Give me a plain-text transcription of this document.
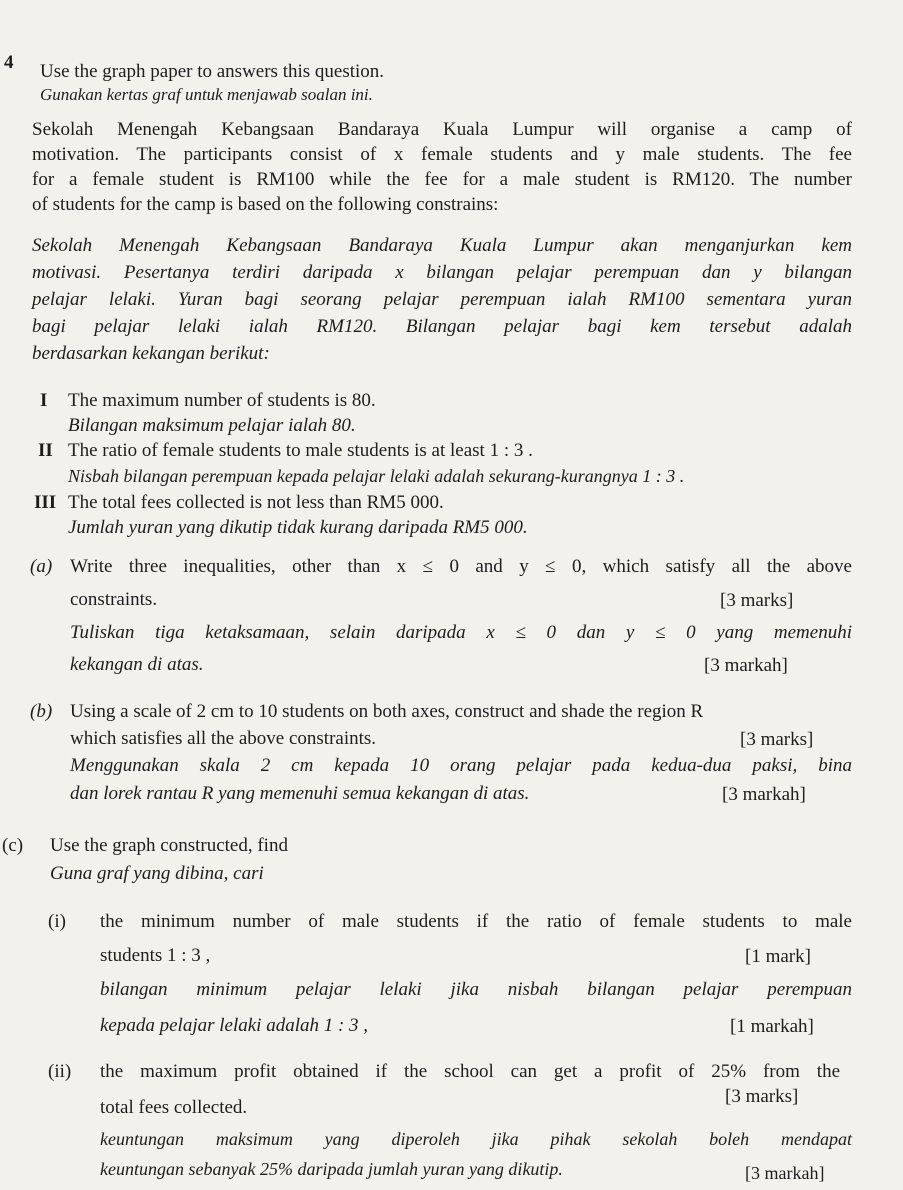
4 Use the graph paper to answers this question.
Gunakan kertas graf untuk menjawab soalan ini.
Sekolah Menengah Kebangsaan Bandaraya Kuala Lumpur will organise a camp of
motivation. The participants consist of x female students and y male students. The fee
for a female student is RM100 while the fee for a male student is RM120. The number
of students for the camp is based on the following constrains:
Sekolah Menengah Kebangsaan Bandaraya Kuala Lumpur akan menganjurkan kem
motivasi. Pesertanya terdiri daripada x bilangan pelajar perempuan dan y bilangan
pelajar lelaki. Yuran bagi seorang pelajar perempuan ialah RM100 sementara yuran
bagi pelajar lelaki ialah RM120. Bilangan pelajar bagi kem tersebut adalah
berdasarkan kekangan berikut:
I The maximum number of students is 80.
Bilangan maksimum pelajar ialah 80.
II The ratio of female students to male students is at least 1 : 3 .
Nisbah bilangan perempuan kepada pelajar lelaki adalah sekurang-kurangnya 1 : 3 .
III The total fees collected is not less than RM5 000.
Jumlah yuran yang dikutip tidak kurang daripada RM5 000.
(a) Write three inequalities, other than x ≤ 0 and y ≤ 0, which satisfy all the above
constraints.	[3 marks]
Tuliskan tiga ketaksamaan, selain daripada x ≤ 0 dan y ≤ 0 yang memenuhi
kekangan di atas.	[3 markah]
(b) Using a scale of 2 cm to 10 students on both axes, construct and shade the region R
which satisfies all the above constraints.	[3 marks]
Menggunakan skala 2 cm kepada 10 orang pelajar pada kedua-dua paksi, bina
dan lorek rantau R yang memenuhi semua kekangan di atas.	[3 markah]
(c) Use the graph constructed, find
Guna graf yang dibina, cari
(i) the minimum number of male students if the ratio of female students to male
students 1 : 3 ,	[1 mark]
bilangan minimum pelajar lelaki jika nisbah bilangan pelajar perempuan
kepada pelajar lelaki adalah 1 : 3 ,	[1 markah]
(ii) the maximum profit obtained if the school can get a profit of 25% from the
total fees collected.
[3 marks]
keuntungan maksimum yang diperoleh jika pihak sekolah boleh mendapat
keuntungan sebanyak 25% daripada jumlah yuran yang dikutip.	[3 markah]
